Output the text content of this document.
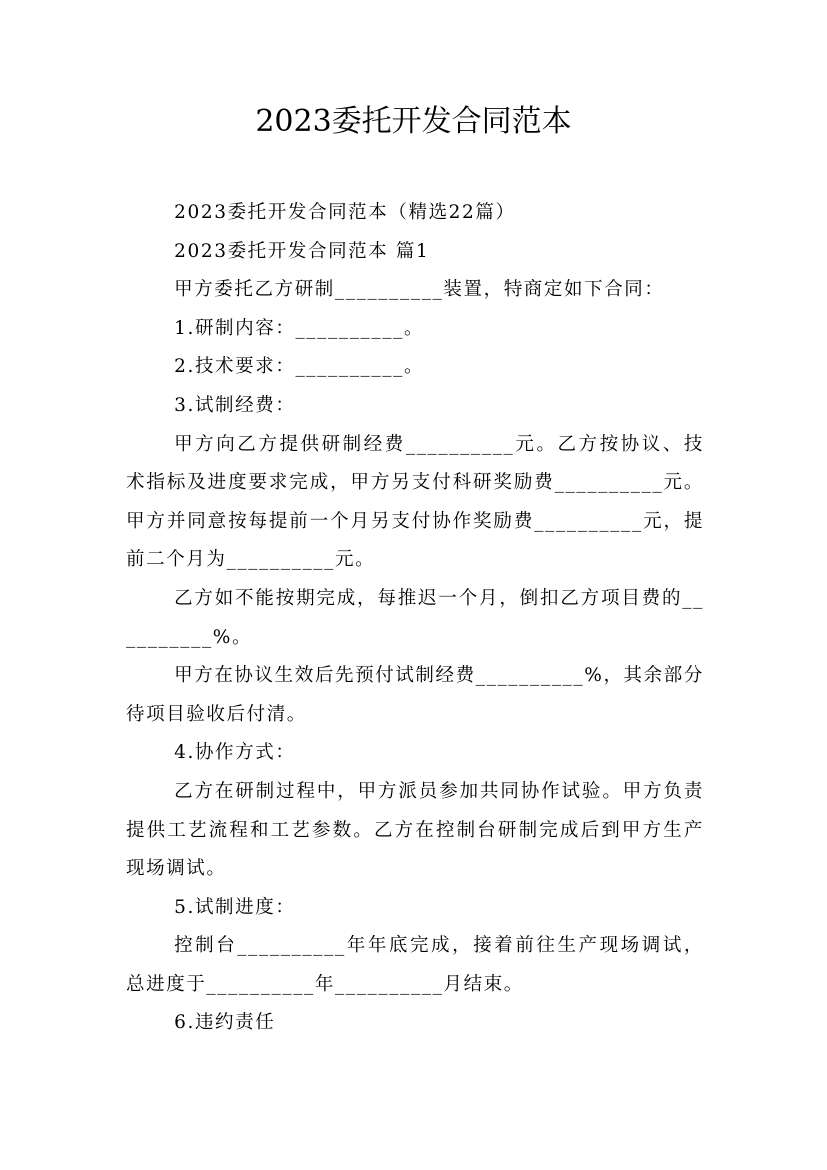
2023委托开发合同范本

2023委托开发合同范本（精选22篇）

2023委托开发合同范本 篇1

甲方委托乙方研制__________装置，特商定如下合同：

1.研制内容：__________。

2.技术要求：__________。

3.试制经费：

甲方向乙方提供研制经费__________元。乙方按协议、技术指标及进度要求完成，甲方另支付科研奖励费__________元。甲方并同意按每提前一个月另支付协作奖励费__________元，提前二个月为__________元。

乙方如不能按期完成，每推迟一个月，倒扣乙方项目费的__________%。

甲方在协议生效后先预付试制经费__________%，其余部分待项目验收后付清。

4.协作方式：

乙方在研制过程中，甲方派员参加共同协作试验。甲方负责提供工艺流程和工艺参数。乙方在控制台研制完成后到甲方生产现场调试。

5.试制进度：

控制台__________年年底完成，接着前往生产现场调试，总进度于__________年__________月结束。

6.违约责任
